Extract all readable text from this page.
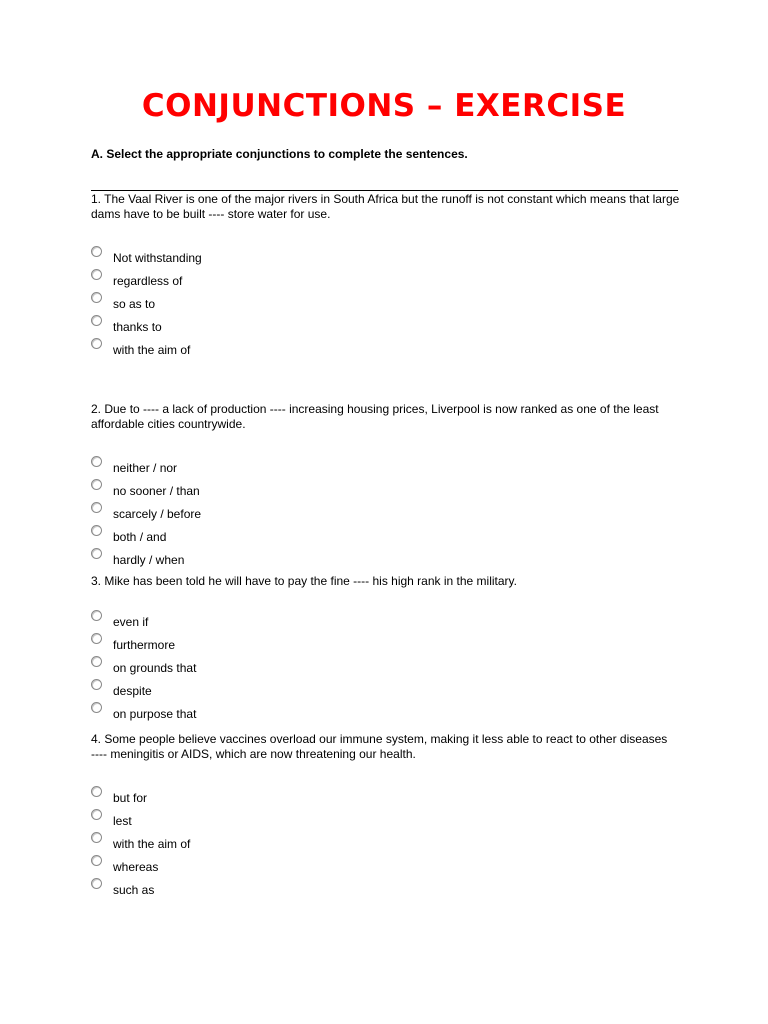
CONJUNCTIONS – EXERCISE

A. Select the appropriate conjunctions to complete the sentences.

1. The Vaal River is one of the major rivers in South Africa but the runoff is not constant which means that large
dams have to be built ---- store water for use.

Not withstanding
regardless of
so as to
thanks to
with the aim of

2. Due to ---- a lack of production ---- increasing housing prices, Liverpool is now ranked as one of the least
affordable cities countrywide.

neither / nor
no sooner / than
scarcely / before
both / and
hardly / when

3. Mike has been told he will have to pay the fine ---- his high rank in the military.

even if
furthermore
on grounds that
despite
on purpose that

4. Some people believe vaccines overload our immune system, making it less able to react to other diseases
---- meningitis or AIDS, which are now threatening our health.

but for
lest
with the aim of
whereas
such as
